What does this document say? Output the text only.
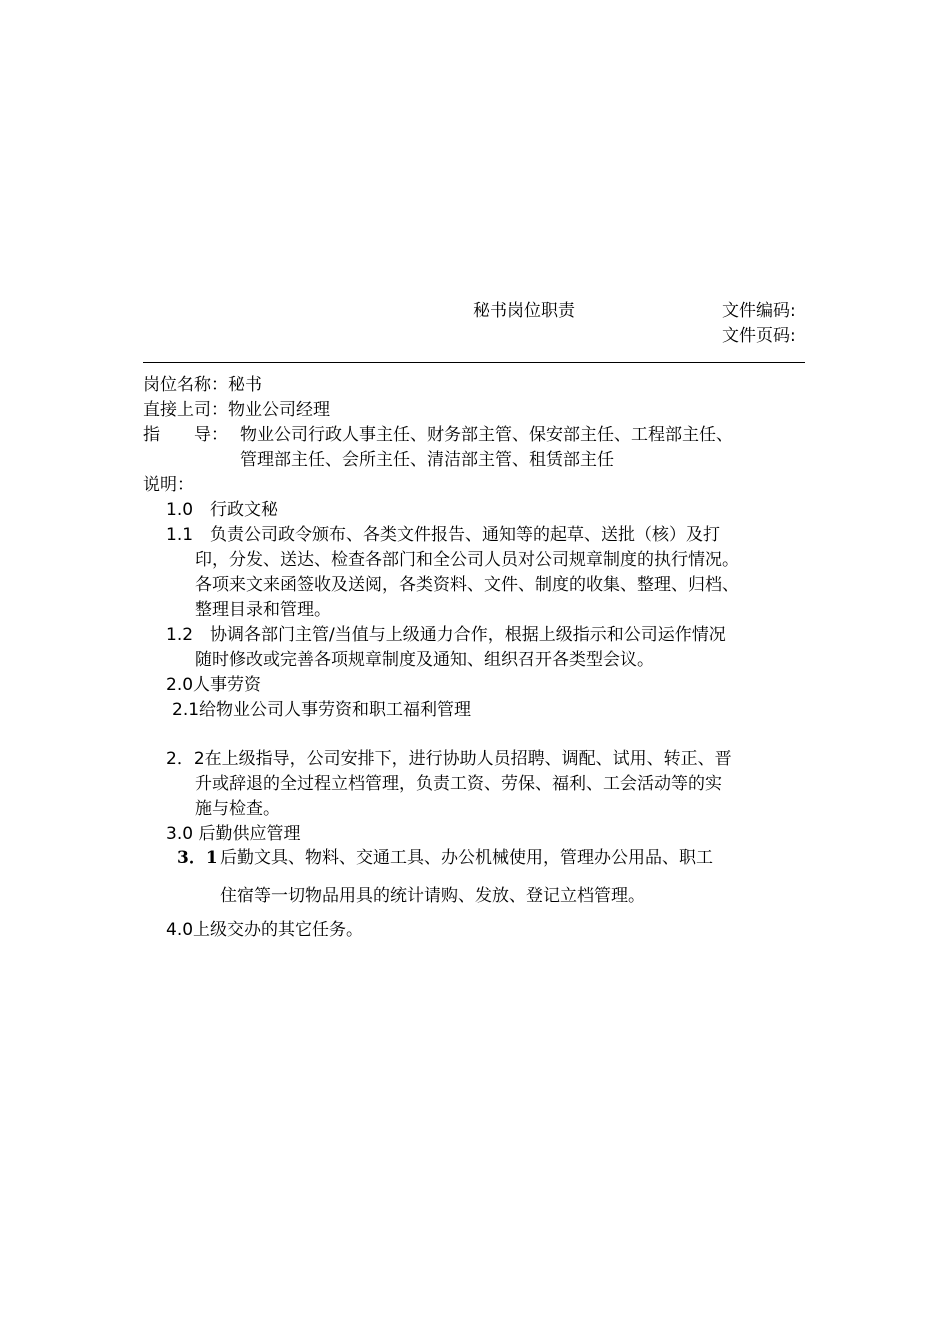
秘书岗位职责	文件编码:
文件页码:
岗位名称：秘书
直接上司：物业公司经理
指　　导： 物业公司行政人事主任、财务部主管、保安部主任、工程部主任、
管理部主任、会所主任、清洁部主管、租赁部主任
说明：
1.0　行政文秘
1.1　负责公司政令颁布、各类文件报告、通知等的起草、送批（核）及打
印，分发、送达、检查各部门和全公司人员对公司规章制度的执行情况。
各项来文来函签收及送阅，各类资料、文件、制度的收集、整理、归档、
整理目录和管理。
1.2　协调各部门主管/当值与上级通力合作，根据上级指示和公司运作情况
随时修改或完善各项规章制度及通知、组织召开各类型会议。
2.0人事劳资
2.1给物业公司人事劳资和职工福利管理
2．2在上级指导，公司安排下，进行协助人员招聘、调配、试用、转正、晋
升或辞退的全过程立档管理，负责工资、劳保、福利、工会活动等的实
施与检查。
3.0 后勤供应管理
3．1 后勤文具、物料、交通工具、办公机械使用，管理办公用品、职工
住宿等一切物品用具的统计请购、发放、登记立档管理。
4.0上级交办的其它任务。
